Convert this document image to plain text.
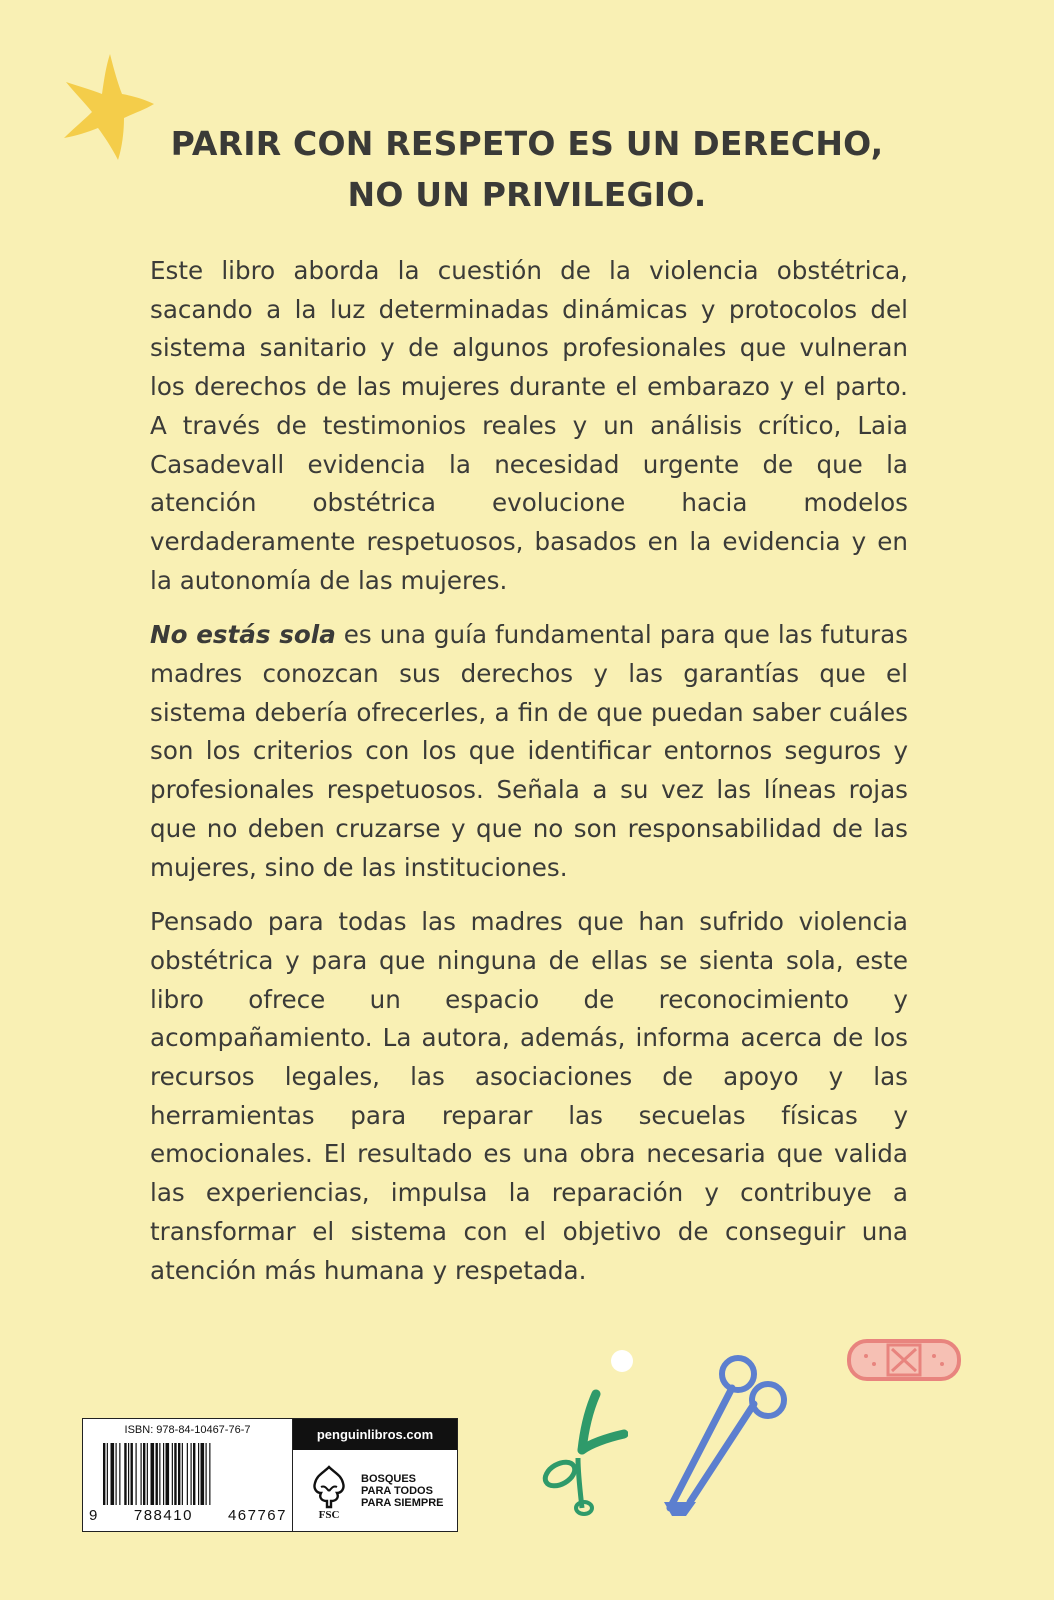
PARIR CON RESPETO ES UN DERECHO,
NO UN PRIVILEGIO.

Este libro aborda la cuestión de la violencia obstétrica, sacando a la luz determinadas dinámicas y protocolos del sistema sanitario y de algunos profesionales que vulneran los derechos de las mujeres durante el embarazo y el parto. A través de testimonios reales y un análisis crítico, Laia Casadevall evidencia la necesidad urgente de que la atención obstétrica evolucione hacia modelos verdaderamente respetuosos, basados en la evidencia y en la autonomía de las mujeres.

No estás sola es una guía fundamental para que las futuras madres conozcan sus derechos y las garantías que el sistema debería ofrecerles, a fin de que puedan saber cuáles son los criterios con los que identificar entornos seguros y profesionales respetuosos. Señala a su vez las líneas rojas que no deben cruzarse y que no son responsabilidad de las mujeres, sino de las instituciones.

Pensado para todas las madres que han sufrido violencia obstétrica y para que ninguna de ellas se sienta sola, este libro ofrece un espacio de reconocimiento y acompañamiento. La autora, además, informa acerca de los recursos legales, las asociaciones de apoyo y las herramientas para reparar las secuelas físicas y emocionales. El resultado es una obra necesaria que valida las experiencias, impulsa la reparación y contribuye a transformar el sistema con el objetivo de conseguir una atención más humana y respetada.

ISBN: 978-84-10467-76-7
9 788410 467767
penguinlibros.com
FSC
BOSQUES
PARA TODOS
PARA SIEMPRE
